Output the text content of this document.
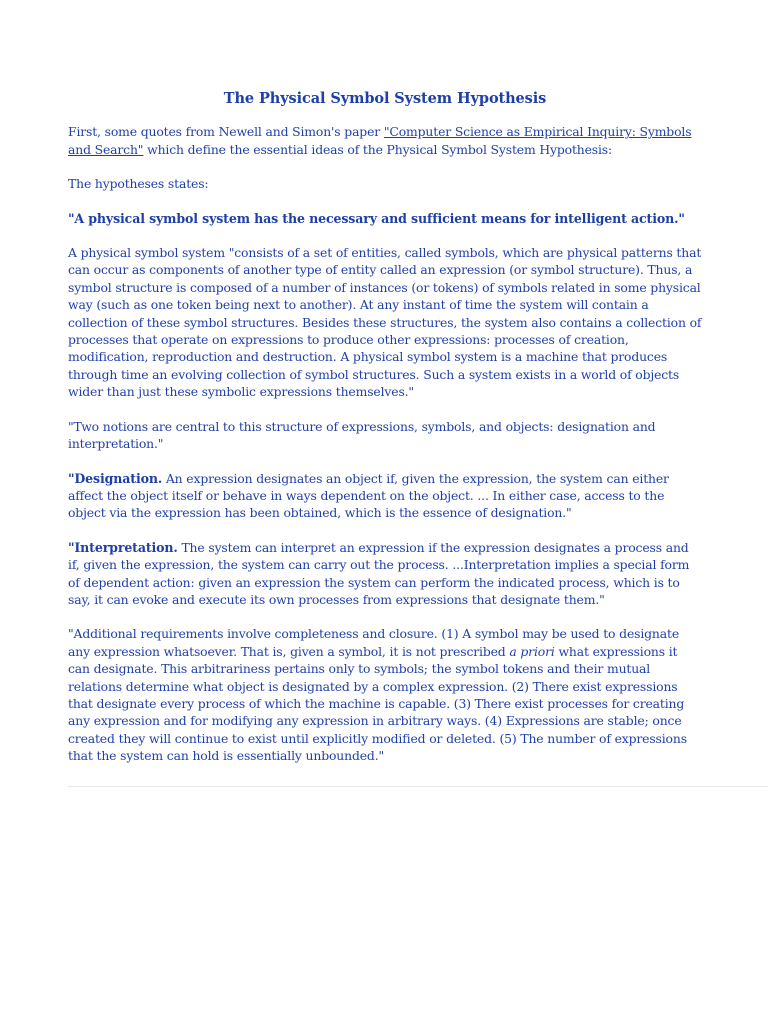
The Physical Symbol System Hypothesis

First, some quotes from Newell and Simon's paper "Computer Science as Empirical Inquiry: Symbols and Search" which define the essential ideas of the Physical Symbol System Hypothesis:

The hypotheses states:

"A physical symbol system has the necessary and sufficient means for intelligent action."

A physical symbol system "consists of a set of entities, called symbols, which are physical patterns that can occur as components of another type of entity called an expression (or symbol structure). Thus, a symbol structure is composed of a number of instances (or tokens) of symbols related in some physical way (such as one token being next to another). At any instant of time the system will contain a collection of these symbol structures. Besides these structures, the system also contains a collection of processes that operate on expressions to produce other expressions: processes of creation, modification, reproduction and destruction. A physical symbol system is a machine that produces through time an evolving collection of symbol structures. Such a system exists in a world of objects wider than just these symbolic expressions themselves."

"Two notions are central to this structure of expressions, symbols, and objects: designation and interpretation."

"Designation. An expression designates an object if, given the expression, the system can either affect the object itself or behave in ways dependent on the object. ... In either case, access to the object via the expression has been obtained, which is the essence of designation."

"Interpretation. The system can interpret an expression if the expression designates a process and if, given the expression, the system can carry out the process. ...Interpretation implies a special form of dependent action: given an expression the system can perform the indicated process, which is to say, it can evoke and execute its own processes from expressions that designate them."

"Additional requirements involve completeness and closure. (1) A symbol may be used to designate any expression whatsoever. That is, given a symbol, it is not prescribed a priori what expressions it can designate. This arbitrariness pertains only to symbols; the symbol tokens and their mutual relations determine what object is designated by a complex expression. (2) There exist expressions that designate every process of which the machine is capable. (3) There exist processes for creating any expression and for modifying any expression in arbitrary ways. (4) Expressions are stable; once created they will continue to exist until explicitly modified or deleted. (5) The number of expressions that the system can hold is essentially unbounded."
